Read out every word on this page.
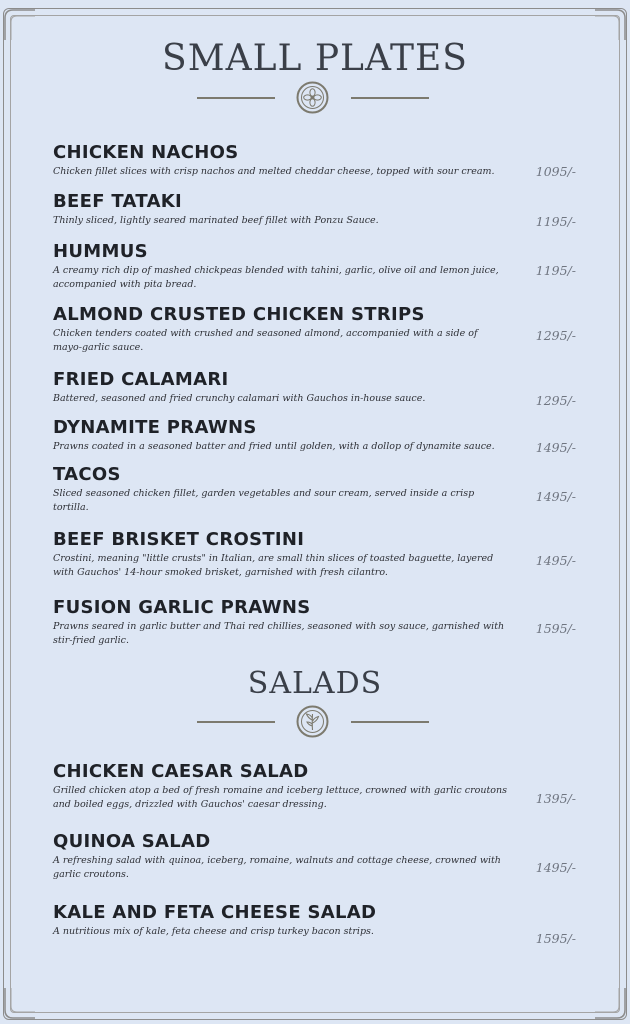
SMALL PLATES
CHICKEN NACHOS
Chicken fillet slices with crisp nachos and melted cheddar cheese, topped with sour cream.	1095/-
BEEF TATAKI
Thinly sliced, lightly seared marinated beef fillet with Ponzu Sauce.	1195/-
HUMMUS
A creamy rich dip of mashed chickpeas blended with tahini, garlic, olive oil and lemon juice, accompanied with pita bread.
1195/-
ALMOND CRUSTED CHICKEN STRIPS
Chicken tenders coated with crushed and seasoned almond, accompanied with a side of mayo-garlic sauce.
1295/-
FRIED CALAMARI
Battered, seasoned and fried crunchy calamari with Gauchos in-house sauce.	1295/-
DYNAMITE PRAWNS
Prawns coated in a seasoned batter and fried until golden, with a dollop of dynamite sauce.	1495/-
TACOS
Sliced seasoned chicken fillet, garden vegetables and sour cream, served inside a crisp tortilla.
1495/-
BEEF BRISKET CROSTINI
Crostini, meaning "little crusts" in Italian, are small thin slices of toasted baguette, layered with Gauchos' 14-hour smoked brisket, garnished with fresh cilantro.
1495/-
FUSION GARLIC PRAWNS
Prawns seared in garlic butter and Thai red chillies, seasoned with soy sauce, garnished with stir-fried garlic.
1595/-
SALADS
CHICKEN CAESAR SALAD
Grilled chicken atop a bed of fresh romaine and iceberg lettuce, crowned with garlic croutons and boiled eggs, drizzled with Gauchos' caesar dressing.	1395/-
QUINOA SALAD
A refreshing salad with quinoa, iceberg, romaine, walnuts and cottage cheese, crowned with garlic croutons.	1495/-
KALE AND FETA CHEESE SALAD
A nutritious mix of kale, feta cheese and crisp turkey bacon strips.	1595/-
